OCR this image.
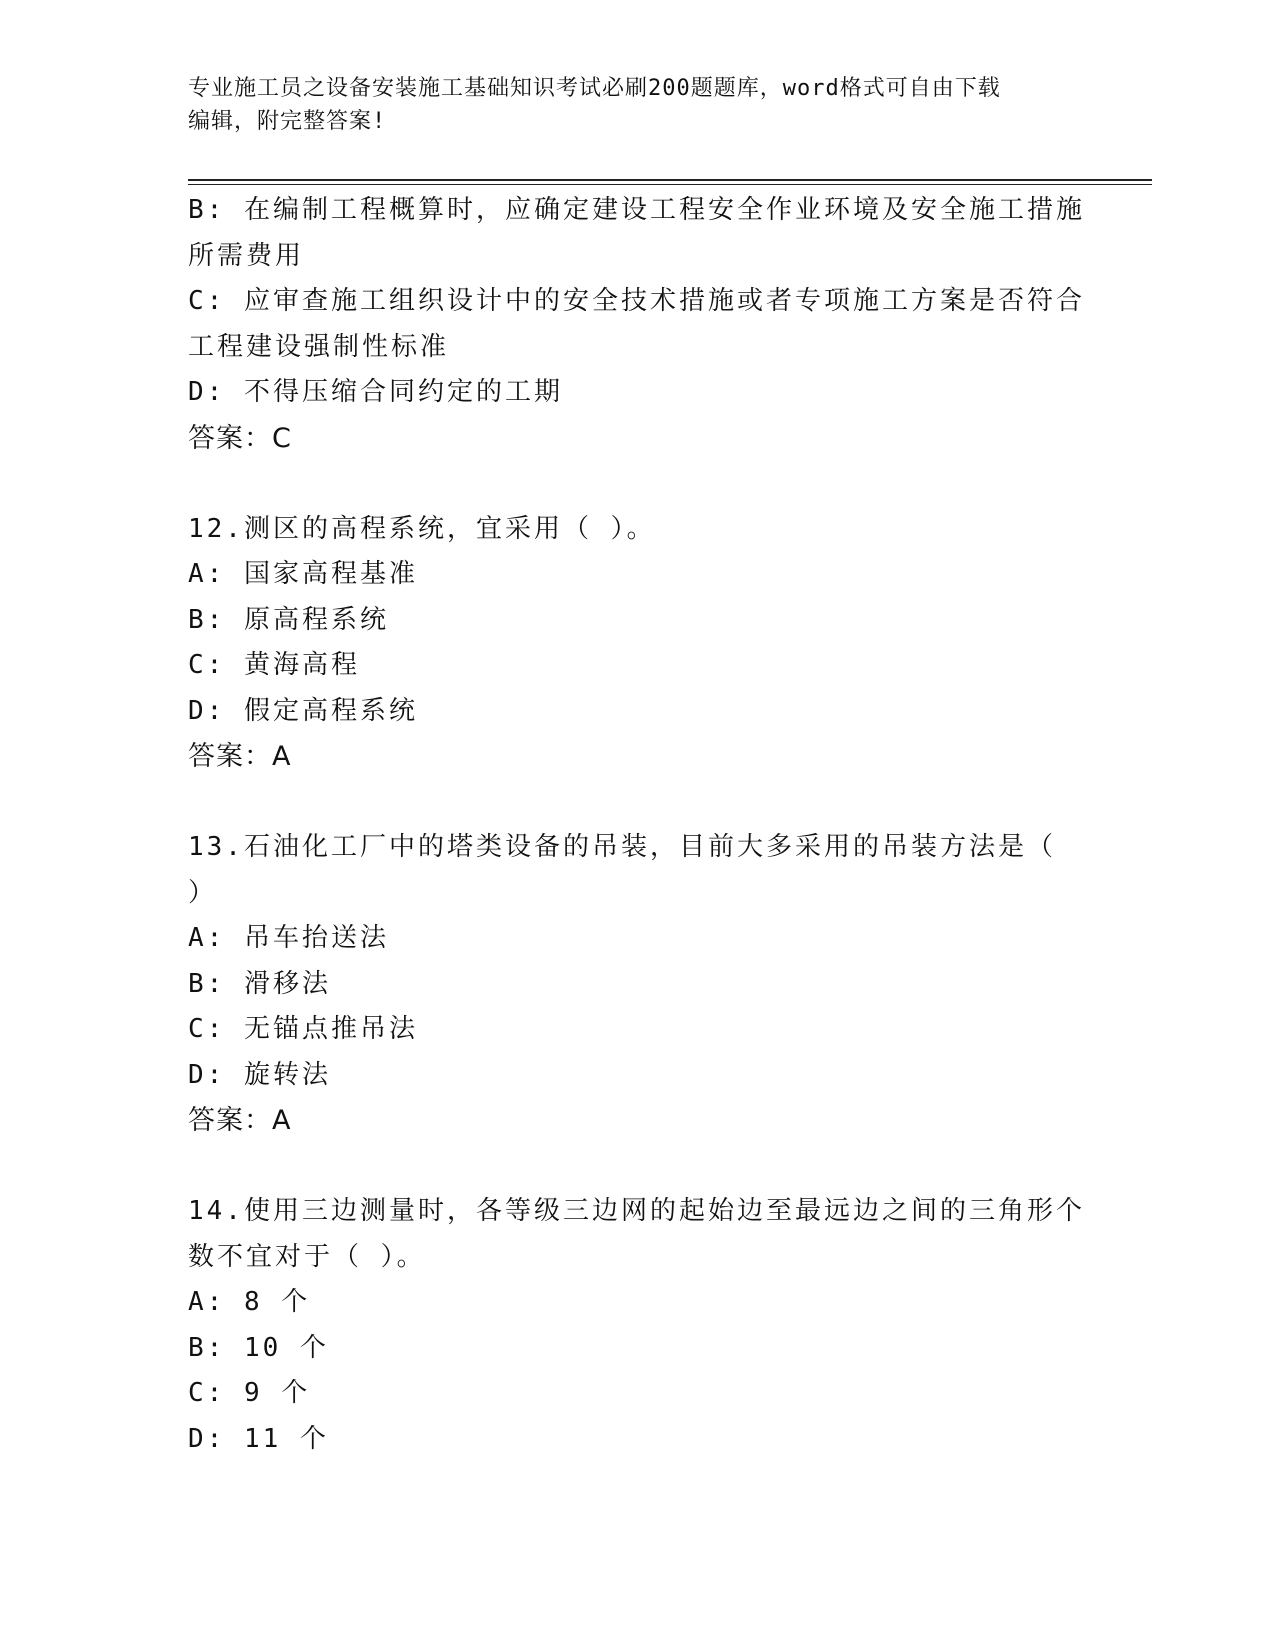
专业施工员之设备安装施工基础知识考试必刷200题题库，word格式可自由下载
编辑，附完整答案!
B: 在编制工程概算时，应确定建设工程安全作业环境及安全施工措施
所需费用
C: 应审查施工组织设计中的安全技术措施或者专项施工方案是否符合
工程建设强制性标准
D: 不得压缩合同约定的工期
答案：C
12.测区的高程系统，宜采用（ ）。
A: 国家高程基准
B: 原高程系统
C: 黄海高程
D: 假定高程系统
答案：A
13.石油化工厂中的塔类设备的吊装，目前大多采用的吊装方法是（
）
A: 吊车抬送法
B: 滑移法
C: 无锚点推吊法
D: 旋转法
答案：A
14.使用三边测量时，各等级三边网的起始边至最远边之间的三角形个
数不宜对于（ ）。
A: 8 个
B: 10 个
C: 9 个
D: 11 个
